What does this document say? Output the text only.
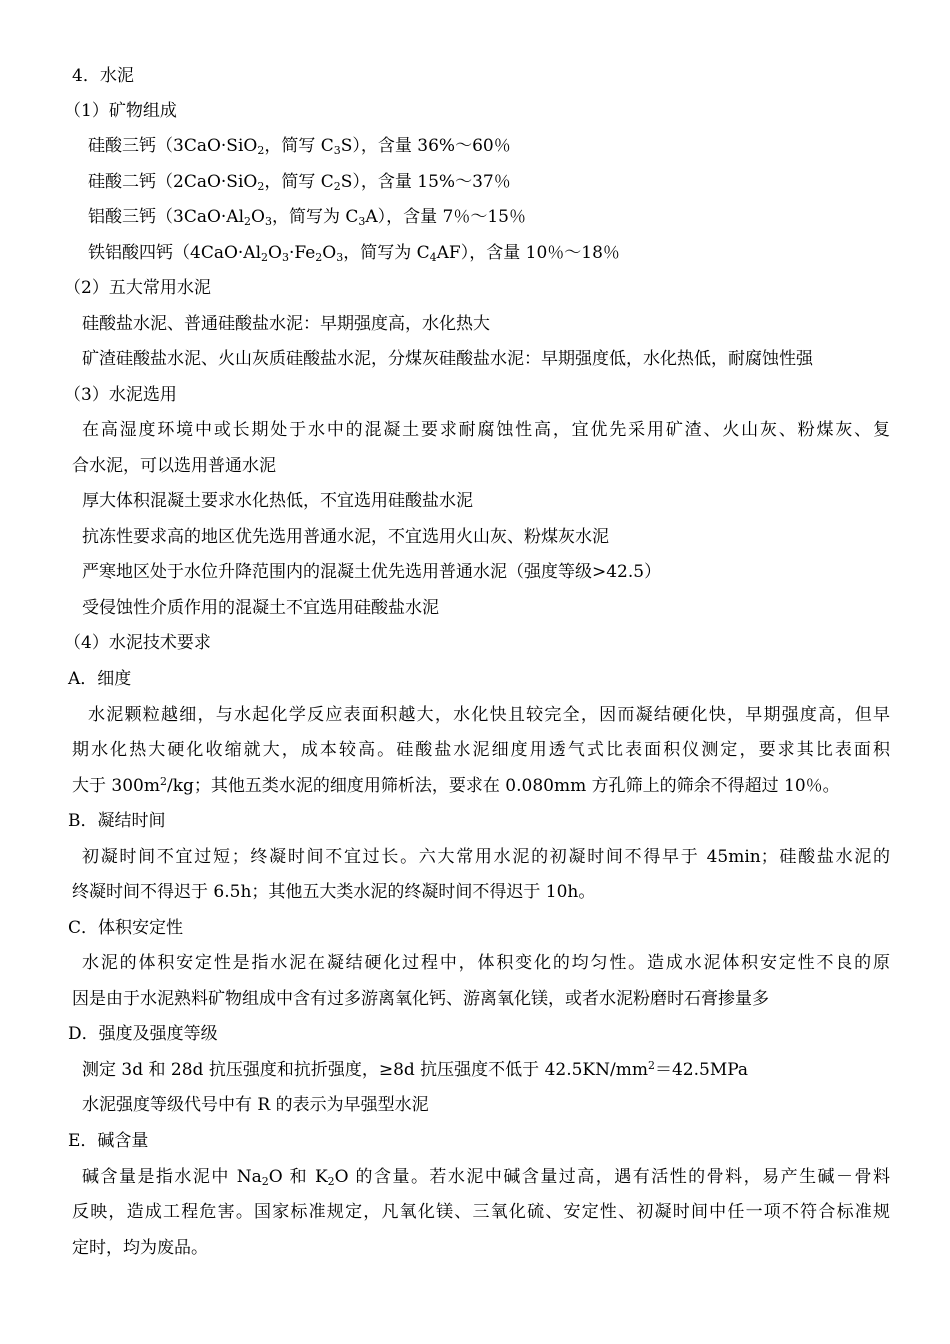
4．水泥
（1）矿物组成
硅酸三钙（3CaO·SiO$_2$，简写 $C_3S$），含量 36%～60％
硅酸二钙（2CaO·SiO$_2$，简写 $C_2S$），含量 15%～37％
铝酸三钙（$3CaO\cdot Al_2O_3$，简写为 $C_3A$），含量 7％～15％
铁铝酸四钙（$4CaO\cdot Al_2O_3\cdot Fe_2O_3$，简写为 $C_4AF$），含量 10％～18％
（2）五大常用水泥
硅酸盐水泥、普通硅酸盐水泥：早期强度高，水化热大
矿渣硅酸盐水泥、火山灰质硅酸盐水泥，分煤灰硅酸盐水泥：早期强度低，水化热低，耐腐蚀性强
（3）水泥选用
在高湿度环境中或长期处于水中的混凝土要求耐腐蚀性高，宜优先采用矿渣、火山灰、粉煤灰、复
合水泥，可以选用普通水泥
厚大体积混凝土要求水化热低，不宜选用硅酸盐水泥
抗冻性要求高的地区优先选用普通水泥，不宜选用火山灰、粉煤灰水泥
严寒地区处于水位升降范围内的混凝土优先选用普通水泥（强度等级>42.5）
受侵蚀性介质作用的混凝土不宜选用硅酸盐水泥
（4）水泥技术要求
A．细度
水泥颗粒越细，与水起化学反应表面积越大，水化快且较完全，因而凝结硬化快，早期强度高，但早
期水化热大硬化收缩就大，成本较高。硅酸盐水泥细度用透气式比表面积仪测定，要求其比表面积
大于 $300m^2/kg$；其他五类水泥的细度用筛析法，要求在 0.080mm 方孔筛上的筛余不得超过 10％。
B．凝结时间
初凝时间不宜过短；终凝时间不宜过长。六大常用水泥的初凝时间不得早于 45min；硅酸盐水泥的
终凝时间不得迟于 6.5h；其他五大类水泥的终凝时间不得迟于 10h。
C．体积安定性
水泥的体积安定性是指水泥在凝结硬化过程中，体积变化的均匀性。造成水泥体积安定性不良的原
因是由于水泥熟料矿物组成中含有过多游离氧化钙、游离氧化镁，或者水泥粉磨时石膏掺量多
D．强度及强度等级
测定 3d 和 28d 抗压强度和抗折强度，≥8d 抗压强度不低于 $42.5KN/mm^2=42.5MPa$
水泥强度等级代号中有 R 的表示为早强型水泥
E．碱含量
碱含量是指水泥中 $Na_2O$ 和 $K_2O$ 的含量。若水泥中碱含量过高，遇有活性的骨料，易产生碱－骨料
反映，造成工程危害。国家标准规定，凡氧化镁、三氧化硫、安定性、初凝时间中任一项不符合标准规
定时，均为废品。
